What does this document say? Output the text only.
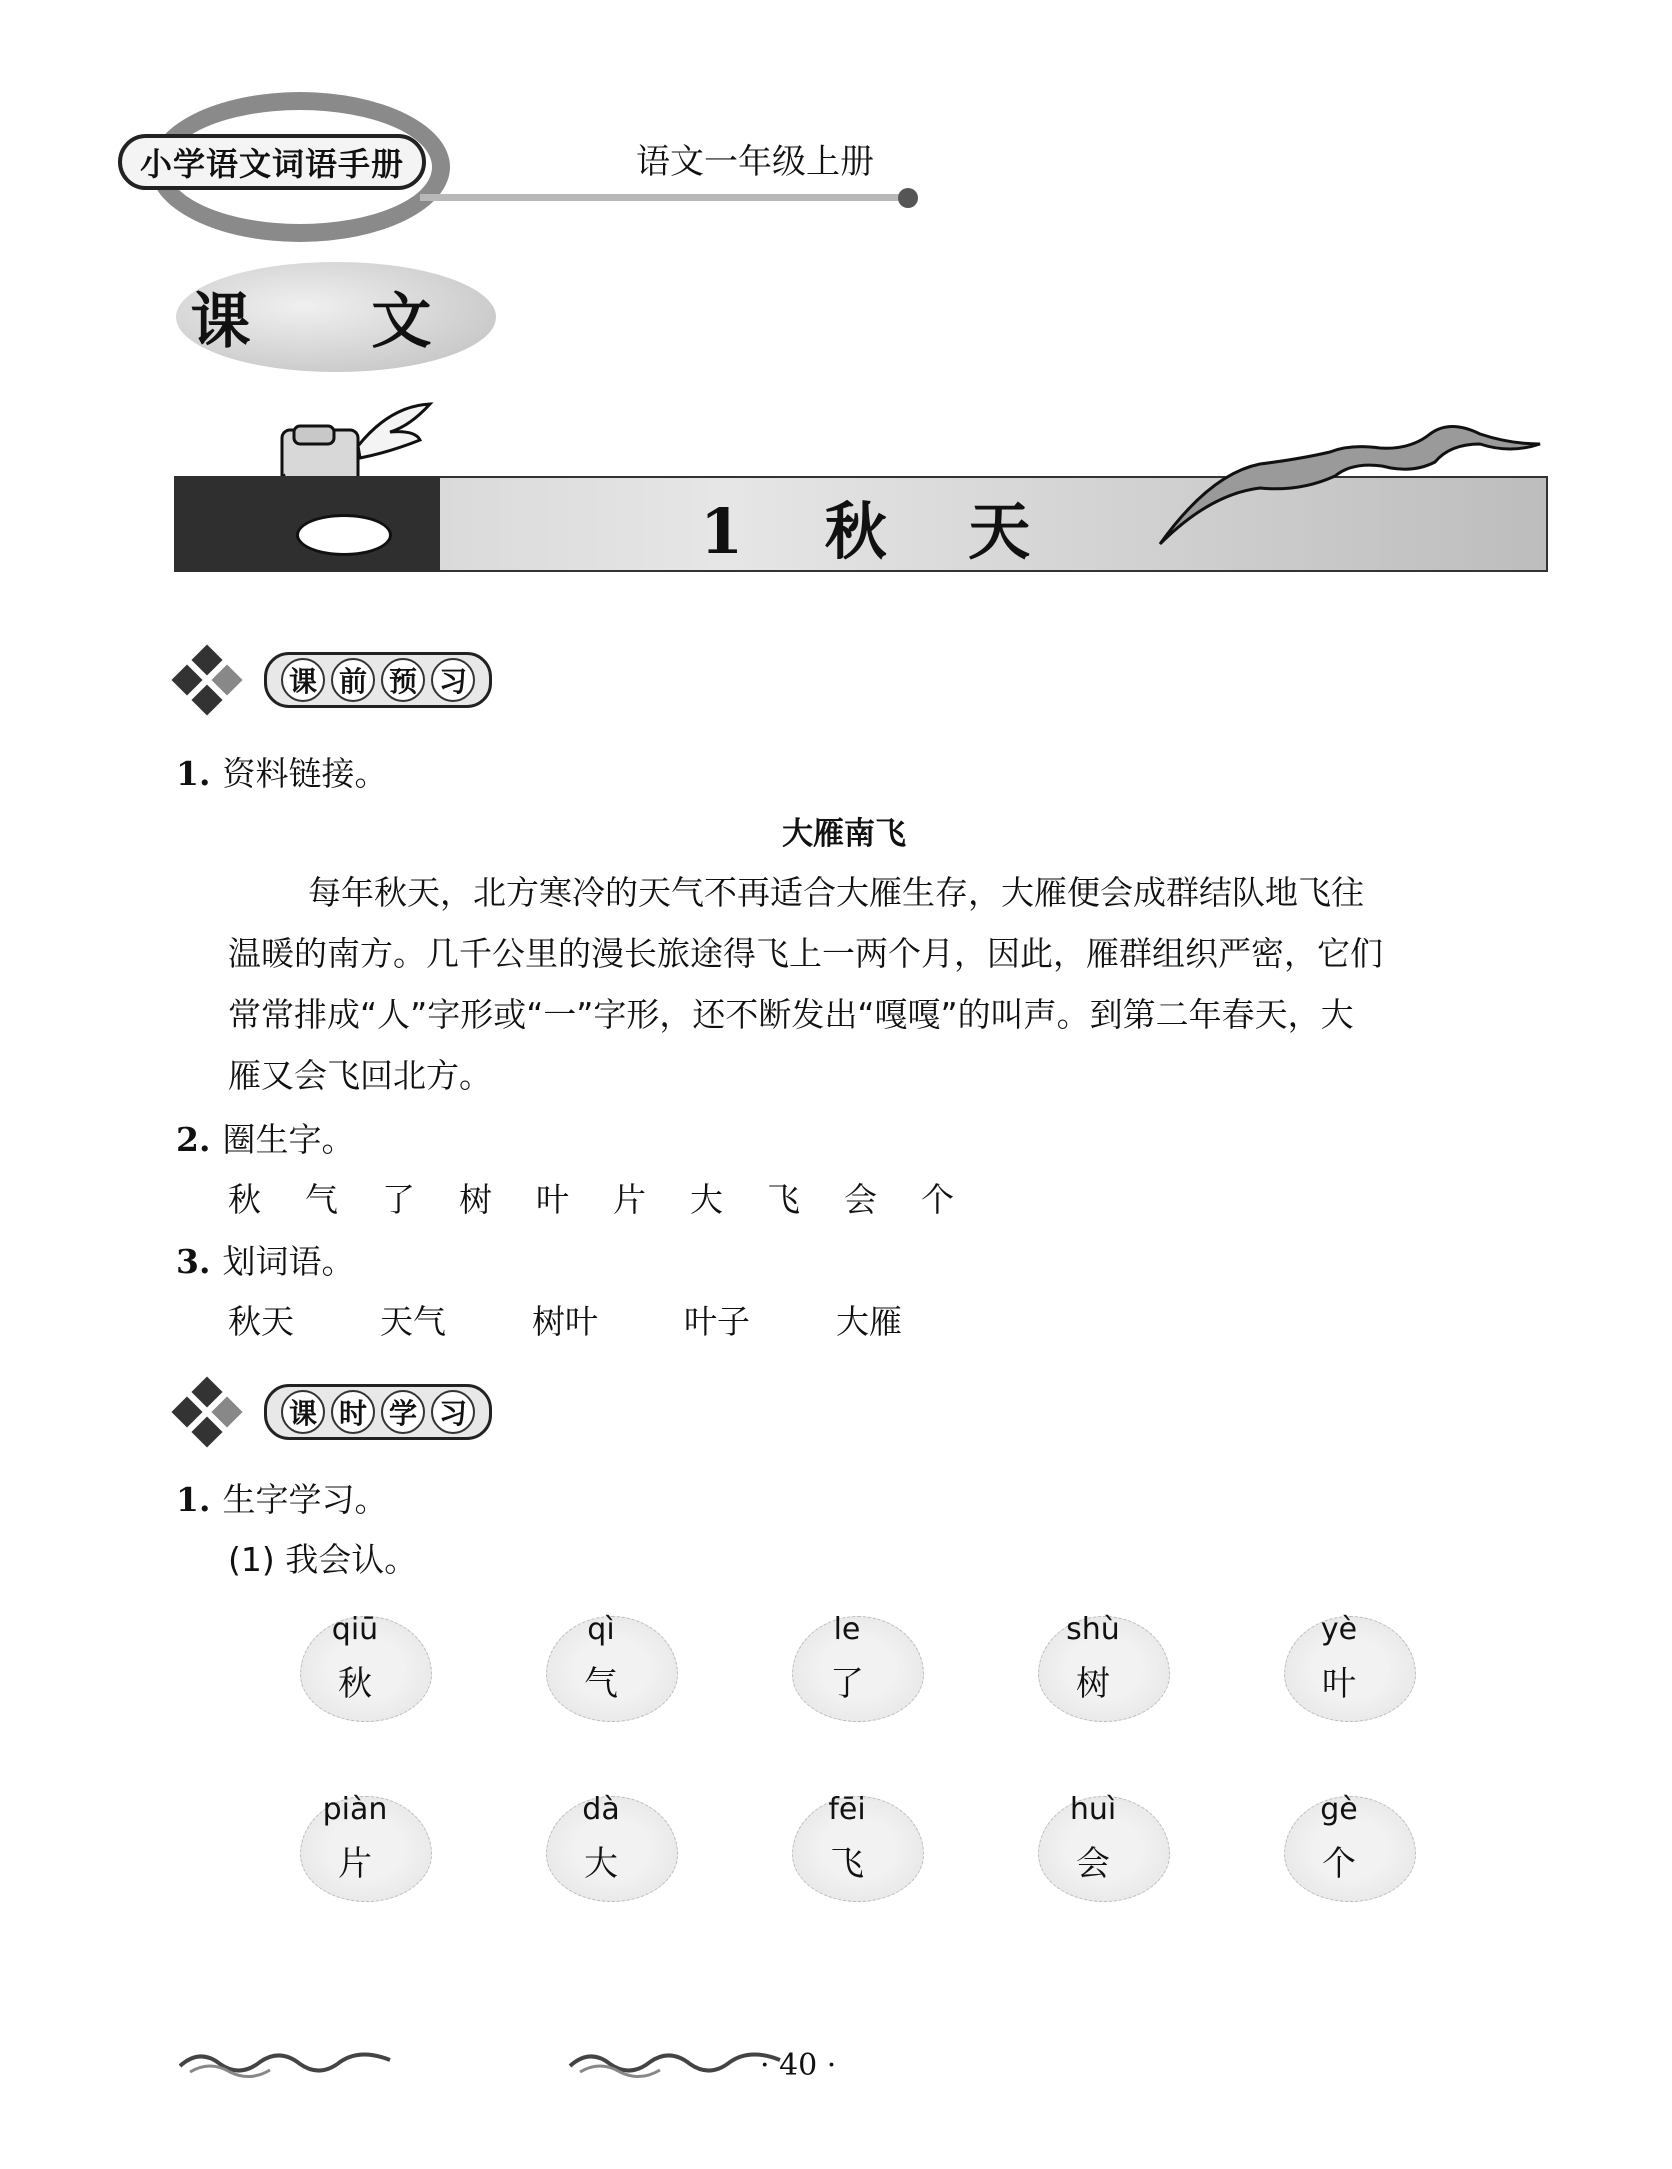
小学语文词语手册	语文一年级上册
课 文
1 秋 天
课 前 预 习
1. 资料链接。
大雁南飞
每年秋天，北方寒冷的天气不再适合大雁生存，大雁便会成群结队地飞往
温暖的南方。几千公里的漫长旅途得飞上一两个月，因此，雁群组织严密，它们
常常排成“人”字形或“一”字形，还不断发出“嘎嘎”的叫声。到第二年春天，大
雁又会飞回北方。
2. 圈生字。
秋 气 了 树 叶 片 大 飞 会 个
3. 划词语。
秋天	天气	树叶	叶子	大雁
课 时 学 习
1. 生字学习。
(1) 我会认。
qiū
秋
qì
气
le
了
shù
树
yè
叶
piàn
片
dà
大
fēi
飞
huì
会
gè
个
· 40 ·
